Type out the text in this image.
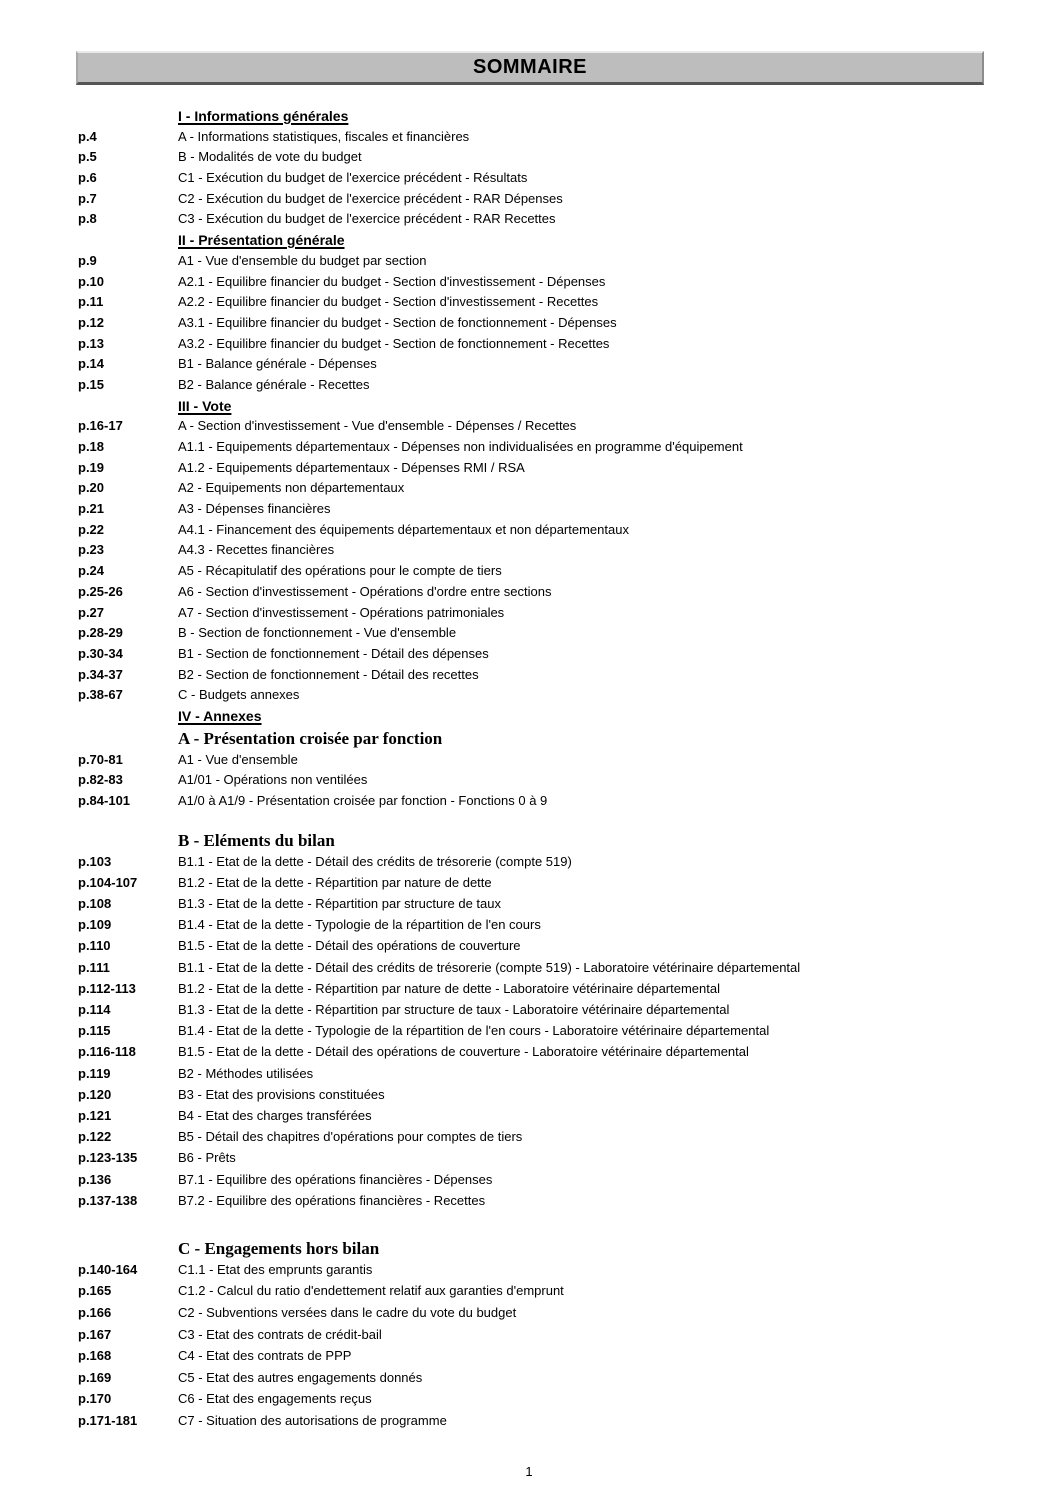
SOMMAIRE
I - Informations générales
p.4	A - Informations statistiques, fiscales et financières
p.5	B - Modalités de vote du budget
p.6	C1 - Exécution du budget de l'exercice précédent - Résultats
p.7	C2 - Exécution du budget de l'exercice précédent - RAR Dépenses
p.8	C3 - Exécution du budget de l'exercice précédent - RAR Recettes
II - Présentation générale
p.9	A1 - Vue d'ensemble du budget par section
p.10	A2.1 - Equilibre financier du budget - Section d'investissement - Dépenses
p.11	A2.2 - Equilibre financier du budget - Section d'investissement - Recettes
p.12	A3.1 - Equilibre financier du budget - Section de fonctionnement - Dépenses
p.13	A3.2 - Equilibre financier du budget - Section de fonctionnement - Recettes
p.14	B1 - Balance générale - Dépenses
p.15	B2 - Balance générale - Recettes
III - Vote
p.16-17	A - Section d'investissement - Vue d'ensemble - Dépenses / Recettes
p.18	A1.1 - Equipements départementaux - Dépenses non individualisées en programme d'équipement
p.19	A1.2 - Equipements départementaux - Dépenses RMI / RSA
p.20	A2 - Equipements non départementaux
p.21	A3 - Dépenses financières
p.22	A4.1 - Financement des équipements départementaux et non départementaux
p.23	A4.3 - Recettes financières
p.24	A5 - Récapitulatif des opérations pour le compte de tiers
p.25-26	A6 - Section d'investissement - Opérations d'ordre entre sections
p.27	A7 - Section d'investissement - Opérations patrimoniales
p.28-29	B - Section de fonctionnement - Vue d'ensemble
p.30-34	B1 - Section de fonctionnement - Détail des dépenses
p.34-37	B2 - Section de fonctionnement - Détail des recettes
p.38-67	C - Budgets annexes
IV - Annexes
A - Présentation croisée par fonction
p.70-81	A1 - Vue d'ensemble
p.82-83	A1/01 - Opérations non ventilées
p.84-101	A1/0 à A1/9 - Présentation croisée par fonction - Fonctions 0 à 9
B - Eléments du bilan
p.103	B1.1 - Etat de la dette - Détail des crédits de trésorerie (compte 519)
p.104-107	B1.2 - Etat de la dette - Répartition par nature de dette
p.108	B1.3 - Etat de la dette - Répartition par structure de taux
p.109	B1.4 - Etat de la dette - Typologie de la répartition de l'en cours
p.110	B1.5 - Etat de la dette - Détail des opérations de couverture
p.111	B1.1 - Etat de la dette - Détail des crédits de trésorerie (compte 519) - Laboratoire vétérinaire départemental
p.112-113	B1.2 - Etat de la dette - Répartition par nature de dette - Laboratoire vétérinaire départemental
p.114	B1.3 - Etat de la dette - Répartition par structure de taux - Laboratoire vétérinaire départemental
p.115	B1.4 - Etat de la dette - Typologie de la répartition de l'en cours - Laboratoire vétérinaire départemental
p.116-118	B1.5 - Etat de la dette - Détail des opérations de couverture - Laboratoire vétérinaire départemental
p.119	B2 - Méthodes utilisées
p.120	B3 - Etat des provisions constituées
p.121	B4 - Etat des charges transférées
p.122	B5 - Détail des chapitres d'opérations pour comptes de tiers
p.123-135	B6 - Prêts
p.136	B7.1 - Equilibre des opérations financières - Dépenses
p.137-138	B7.2 - Equilibre des opérations financières - Recettes
C - Engagements hors bilan
p.140-164	C1.1 - Etat des emprunts garantis
p.165	C1.2 - Calcul du ratio d'endettement relatif aux garanties d'emprunt
p.166	C2 - Subventions versées dans le cadre du vote du budget
p.167	C3 - Etat des contrats de crédit-bail
p.168	C4 - Etat des contrats de PPP
p.169	C5 - Etat des autres engagements donnés
p.170	C6 - Etat des engagements reçus
p.171-181	C7 - Situation des autorisations de programme
1
